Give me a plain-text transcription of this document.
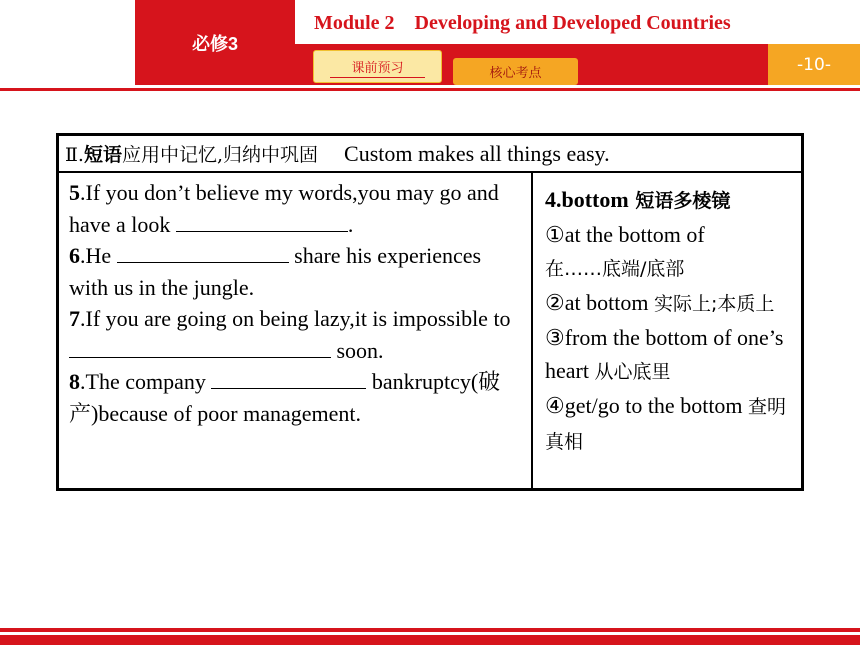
必修3
Module 2 Developing and Developed Countries
课前预习	核心考点	-10-
Ⅱ.短语应用中记忆,归纳中巩固 Custom makes all things easy.

5.If you don’t believe my words,you may go and have a look	.

6.He	share his experiences with us in the jungle.

7.If you are going on being lazy,it is impossible to  soon.

8.The company	bankruptcy(破产)because of poor management.

4.bottom 短语多棱镜

①at the bottom of
在……底端/底部

②at bottom 实际上;本质上

③from the bottom of one’s heart 从心底里

④get/go to the bottom 查明真相
